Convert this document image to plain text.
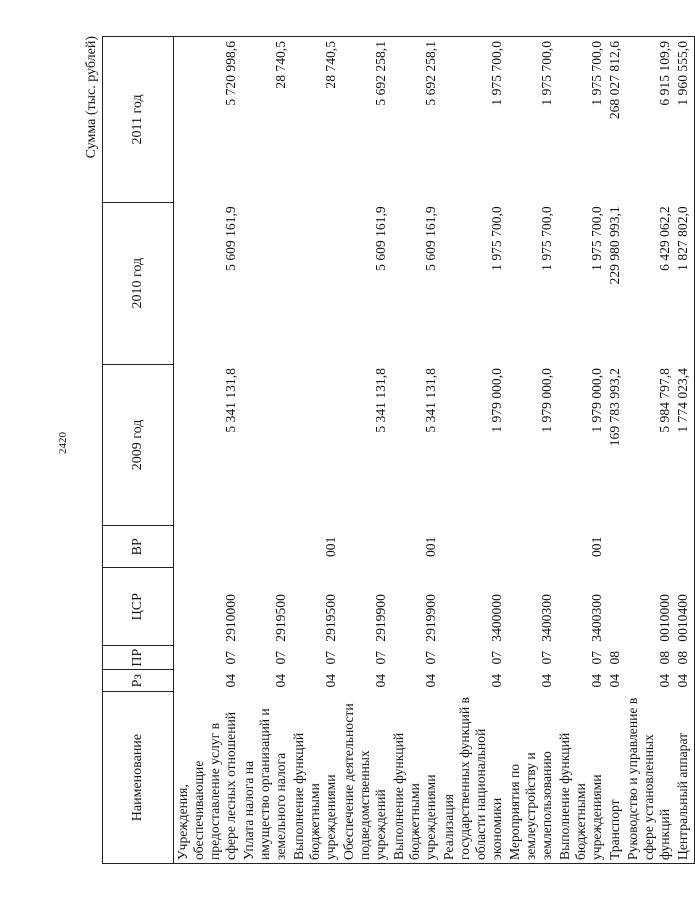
2420
Сумма (тыс. рублей)
Наименование	Рз	ПР	ЦСР	ВР	2009 год	2010 год	2011 год
Учреждения, обеспечивающие предоставление услуг в сфере лесных отношений	04	07	2910000		5 341 131,8	5 609 161,9	5 720 998,6
Уплата налога на имущество организаций и земельного налога	04	07	2919500				28 740,5
Выполнение функций бюджетными учреждениями	04	07	2919500	001			28 740,5
Обеспечение деятельности подведомственных учреждений	04	07	2919900		5 341 131,8	5 609 161,9	5 692 258,1
Выполнение функций бюджетными учреждениями	04	07	2919900	001	5 341 131,8	5 609 161,9	5 692 258,1
Реализация государственных функций в области национальной экономики	04	07	3400000		1 979 000,0	1 975 700,0	1 975 700,0
Мероприятия по землеустройству и землепользованию	04	07	3400300		1 979 000,0	1 975 700,0	1 975 700,0
Выполнение функций бюджетными учреждениями	04	07	3400300	001	1 979 000,0	1 975 700,0	1 975 700,0
Транспорт	04	08			169 783 993,2	229 980 993,1	268 027 812,6
Руководство и управление в сфере установленных функций	04	08	0010000		5 984 797,8	6 429 062,2	6 915 109,9
Центральный аппарат	04	08	0010400		1 774 023,4	1 827 802,0	1 960 555,0
